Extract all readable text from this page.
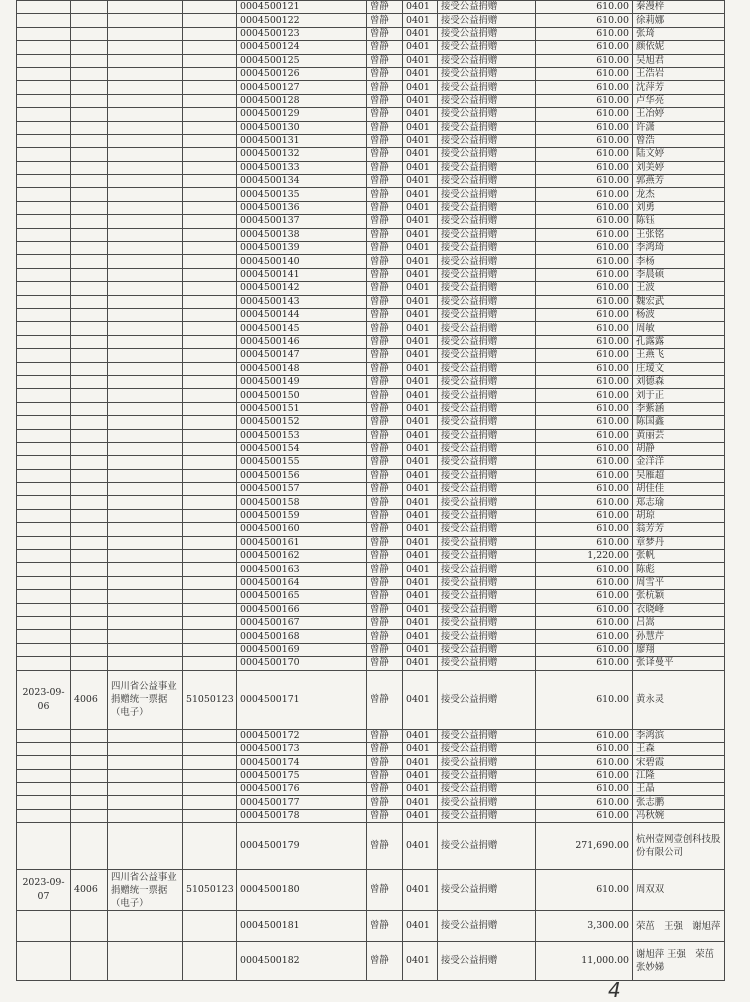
				0004500121	曾静	0401	接受公益捐赠	610.00	秦漫梓
				0004500122	曾静	0401	接受公益捐赠	610.00	徐莉娜
				0004500123	曾静	0401	接受公益捐赠	610.00	张琦
				0004500124	曾静	0401	接受公益捐赠	610.00	颜依妮
				0004500125	曾静	0401	接受公益捐赠	610.00	吴旭君
				0004500126	曾静	0401	接受公益捐赠	610.00	王浩岩
				0004500127	曾静	0401	接受公益捐赠	610.00	沈萍芳
				0004500128	曾静	0401	接受公益捐赠	610.00	卢华亮
				0004500129	曾静	0401	接受公益捐赠	610.00	王冶婷
				0004500130	曾静	0401	接受公益捐赠	610.00	许潇
				0004500131	曾静	0401	接受公益捐赠	610.00	曾浩
				0004500132	曾静	0401	接受公益捐赠	610.00	陆文婷
				0004500133	曾静	0401	接受公益捐赠	610.00	刘美婷
				0004500134	曾静	0401	接受公益捐赠	610.00	郭燕芳
				0004500135	曾静	0401	接受公益捐赠	610.00	龙杰
				0004500136	曾静	0401	接受公益捐赠	610.00	刘勇
				0004500137	曾静	0401	接受公益捐赠	610.00	陈钰
				0004500138	曾静	0401	接受公益捐赠	610.00	王张铭
				0004500139	曾静	0401	接受公益捐赠	610.00	李鸿琦
				0004500140	曾静	0401	接受公益捐赠	610.00	李杨
				0004500141	曾静	0401	接受公益捐赠	610.00	李晨硕
				0004500142	曾静	0401	接受公益捐赠	610.00	王波
				0004500143	曾静	0401	接受公益捐赠	610.00	魏宏武
				0004500144	曾静	0401	接受公益捐赠	610.00	杨波
				0004500145	曾静	0401	接受公益捐赠	610.00	周敏
				0004500146	曾静	0401	接受公益捐赠	610.00	孔露露
				0004500147	曾静	0401	接受公益捐赠	610.00	王燕飞
				0004500148	曾静	0401	接受公益捐赠	610.00	庄瑷文
				0004500149	曾静	0401	接受公益捐赠	610.00	刘德森
				0004500150	曾静	0401	接受公益捐赠	610.00	刘于正
				0004500151	曾静	0401	接受公益捐赠	610.00	李紫涵
				0004500152	曾静	0401	接受公益捐赠	610.00	陈国鑫
				0004500153	曾静	0401	接受公益捐赠	610.00	黄丽芸
				0004500154	曾静	0401	接受公益捐赠	610.00	胡静
				0004500155	曾静	0401	接受公益捐赠	610.00	金洋洋
				0004500156	曾静	0401	接受公益捐赠	610.00	吴雁超
				0004500157	曾静	0401	接受公益捐赠	610.00	胡佳佳
				0004500158	曾静	0401	接受公益捐赠	610.00	郑志瑜
				0004500159	曾静	0401	接受公益捐赠	610.00	胡琼
				0004500160	曾静	0401	接受公益捐赠	610.00	翁芳芳
				0004500161	曾静	0401	接受公益捐赠	610.00	章梦丹
				0004500162	曾静	0401	接受公益捐赠	1,220.00	张帆
				0004500163	曾静	0401	接受公益捐赠	610.00	陈彪
				0004500164	曾静	0401	接受公益捐赠	610.00	周雪平
				0004500165	曾静	0401	接受公益捐赠	610.00	张杭颖
				0004500166	曾静	0401	接受公益捐赠	610.00	衣晓峰
				0004500167	曾静	0401	接受公益捐赠	610.00	吕嵩
				0004500168	曾静	0401	接受公益捐赠	610.00	孙慧芹
				0004500169	曾静	0401	接受公益捐赠	610.00	廖翔
				0004500170	曾静	0401	接受公益捐赠	610.00	张译曼平
2023-09-06	4006	四川省公益事业捐赠统一票据（电子）	51050123	0004500171	曾静	0401	接受公益捐赠	610.00	黄永灵
				0004500172	曾静	0401	接受公益捐赠	610.00	李鸿滨
				0004500173	曾静	0401	接受公益捐赠	610.00	王森
				0004500174	曾静	0401	接受公益捐赠	610.00	宋碧霞
				0004500175	曾静	0401	接受公益捐赠	610.00	江隆
				0004500176	曾静	0401	接受公益捐赠	610.00	王晶
				0004500177	曾静	0401	接受公益捐赠	610.00	张志鹏
				0004500178	曾静	0401	接受公益捐赠	610.00	冯秋婉
				0004500179	曾静	0401	接受公益捐赠	271,690.00	杭州壹网壹创科技股份有限公司
2023-09-07	4006	四川省公益事业捐赠统一票据（电子）	51050123	0004500180	曾静	0401	接受公益捐赠	610.00	周双双
				0004500181	曾静	0401	接受公益捐赠	3,300.00	荣茁　王强　谢旭萍
				0004500182	曾静	0401	接受公益捐赠	11,000.00	谢旭萍 王强　荣茁　张妙娣
4
